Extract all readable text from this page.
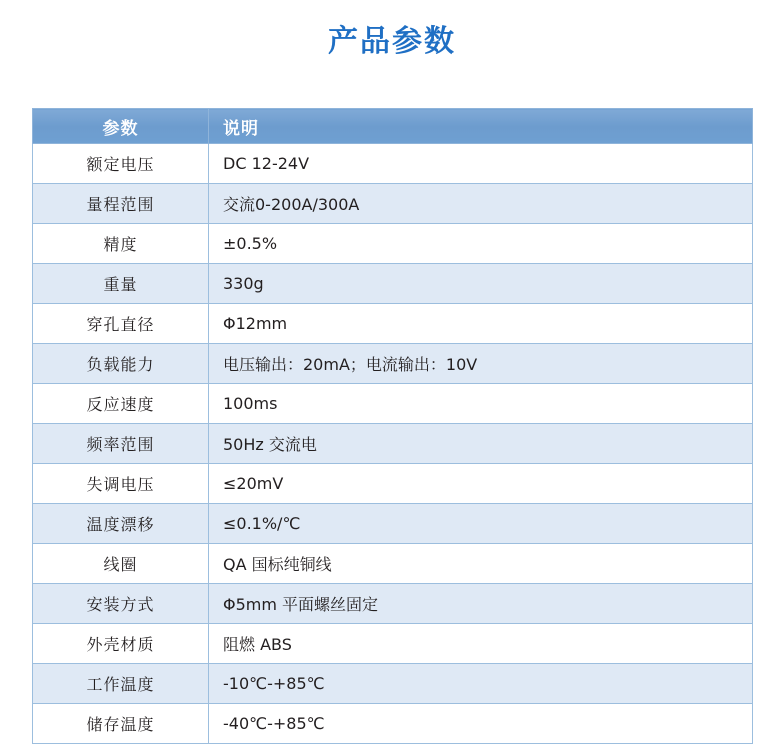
产品参数
参数	说明
额定电压	DC 12-24V
量程范围	交流0-200A/300A
精度	±0.5%
重量	330g
穿孔直径	Φ12mm
负载能力	电压输出：20mA；电流输出：10V
反应速度	100ms
频率范围	50Hz 交流电
失调电压	≤20mV
温度漂移	≤0.1%/℃
线圈	QA 国标纯铜线
安装方式	Φ5mm 平面螺丝固定
外壳材质	阻燃 ABS
工作温度	-10℃-+85℃
储存温度	-40℃-+85℃
